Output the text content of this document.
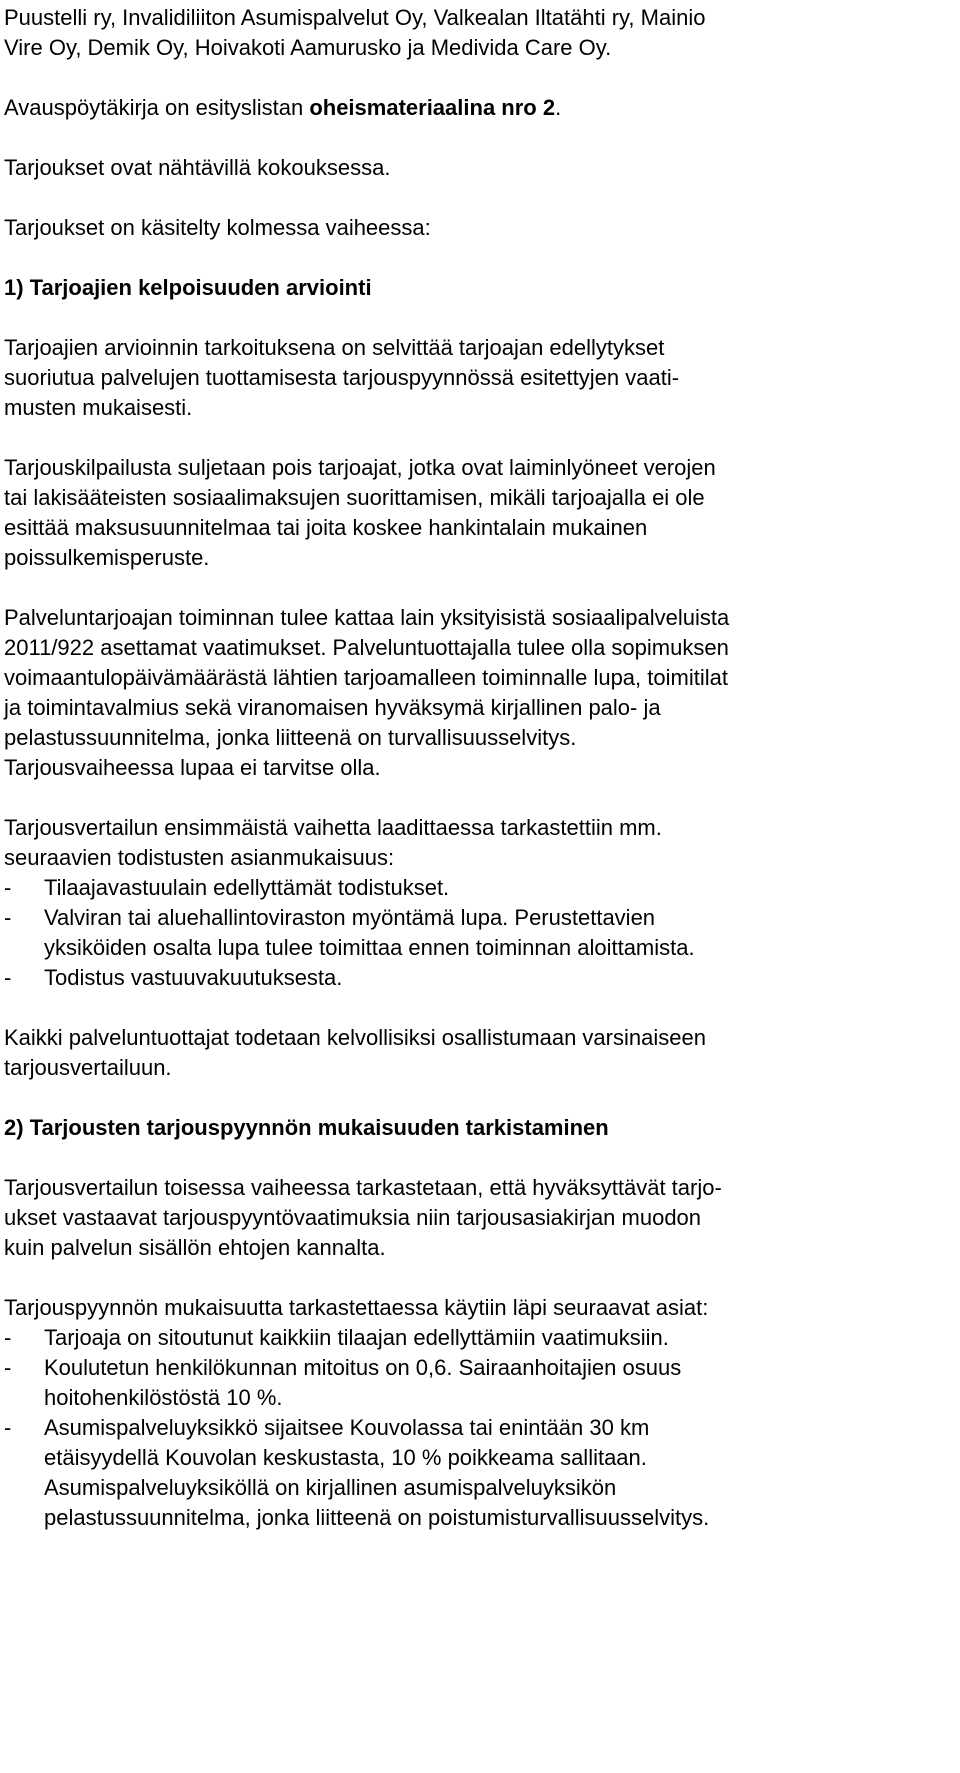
Puustelli ry, Invalidiliiton Asumispalvelut Oy, Valkealan Iltatähti ry, Mainio
Vire Oy, Demik Oy, Hoivakoti Aamurusko ja Medivida Care Oy.

Avauspöytäkirja on esityslistan oheismateriaalina nro 2.

Tarjoukset ovat nähtävillä kokouksessa.

Tarjoukset on käsitelty kolmessa vaiheessa:

1) Tarjoajien kelpoisuuden arviointi

Tarjoajien arvioinnin tarkoituksena on selvittää tarjoajan edellytykset
suoriutua palvelujen tuottamisesta tarjouspyynnössä esitettyjen vaati-
musten mukaisesti.

Tarjouskilpailusta suljetaan pois tarjoajat, jotka ovat laiminlyöneet verojen
tai lakisääteisten sosiaalimaksujen suorittamisen, mikäli tarjoajalla ei ole
esittää maksusuunnitelmaa tai joita koskee hankintalain mukainen
poissulkemisperuste.

Palveluntarjoajan toiminnan tulee kattaa lain yksityisistä sosiaalipalveluista
2011/922 asettamat vaatimukset. Palveluntuottajalla tulee olla sopimuksen
voimaantulopäivämäärästä lähtien tarjoamalleen toiminnalle lupa, toimitilat
ja toimintavalmius sekä viranomaisen hyväksymä kirjallinen palo- ja
pelastussuunnitelma, jonka liitteenä on turvallisuusselvitys.
Tarjousvaiheessa lupaa ei tarvitse olla.

Tarjousvertailun ensimmäistä vaihetta laadittaessa tarkastettiin mm.
seuraavien todistusten asianmukaisuus:

- Tilaajavastuulain edellyttämät todistukset.
- Valviran tai aluehallintoviraston myöntämä lupa. Perustettavien
yksiköiden osalta lupa tulee toimittaa ennen toiminnan aloittamista.
- Todistus vastuuvakuutuksesta.

Kaikki palveluntuottajat todetaan kelvollisiksi osallistumaan varsinaiseen
tarjousvertailuun.

2) Tarjousten tarjouspyynnön mukaisuuden tarkistaminen

Tarjousvertailun toisessa vaiheessa tarkastetaan, että hyväksyttävät tarjo-
ukset vastaavat tarjouspyyntövaatimuksia niin tarjousasiakirjan muodon
kuin palvelun sisällön ehtojen kannalta.

Tarjouspyynnön mukaisuutta tarkastettaessa käytiin läpi seuraavat asiat:

- Tarjoaja on sitoutunut kaikkiin tilaajan edellyttämiin vaatimuksiin.
- Koulutetun henkilökunnan mitoitus on 0,6. Sairaanhoitajien osuus
hoitohenkilöstöstä 10 %.
- Asumispalveluyksikkö sijaitsee Kouvolassa tai enintään 30 km
etäisyydellä Kouvolan keskustasta, 10 % poikkeama sallitaan.
Asumispalveluyksiköllä on kirjallinen asumispalveluyksikön
pelastussuunnitelma, jonka liitteenä on poistumisturvallisuusselvitys.
